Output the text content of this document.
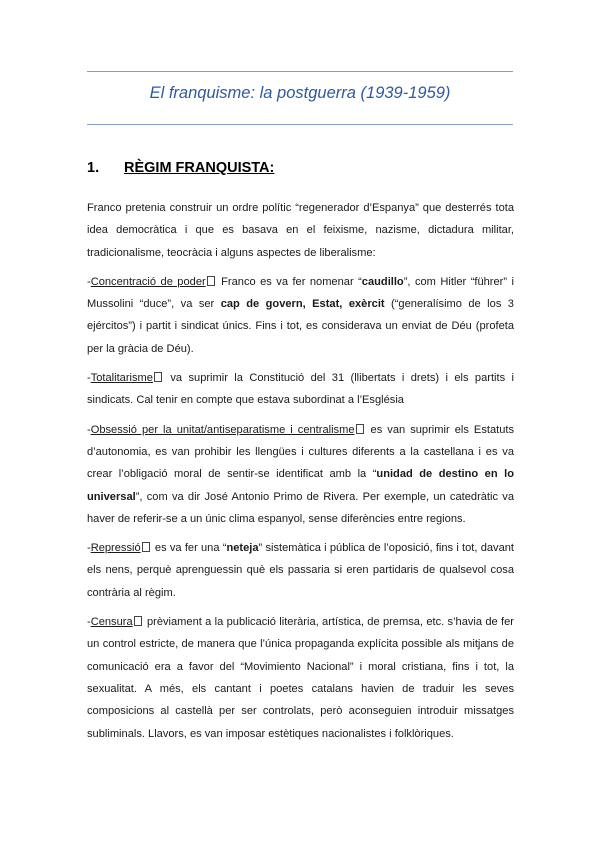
El franquisme: la postguerra (1939-1959)
1. RÈGIM FRANQUISTA:

Franco pretenia construir un ordre polític “regenerador d’Espanya” que desterrés tota idea democràtica i que es basava en el feixisme, nazisme, dictadura militar, tradicionalisme, teocràcia i alguns aspectes de liberalisme:

-Concentració de poder Franco es va fer nomenar “caudillo”, com Hitler “führer” i Mussolini “duce”, va ser cap de govern, Estat, exèrcit (“generalísimo de los 3 ejércitos”) i partit i sindicat únics. Fins i tot, es considerava un enviat de Déu (profeta per la gràcia de Déu).

-Totalitarisme va suprimir la Constitució del 31 (llibertats i drets) i els partits i sindicats. Cal tenir en compte que estava subordinat a l’Església

-Obsessió per la unitat/antiseparatisme i centralisme es van suprimir els Estatuts d’autonomia, es van prohibir les llengües i cultures diferents a la castellana i es va crear l’obligació moral de sentir-se identificat amb la “unidad de destino en lo universal”, com va dir José Antonio Primo de Rivera. Per exemple, un catedràtic va haver de referir-se a un únic clima espanyol, sense diferències entre regions.

-Repressió es va fer una “neteja” sistemàtica i pública de l’oposició, fins i tot, davant els nens, perquè aprenguessin què els passaria si eren partidaris de qualsevol cosa contrària al règim.

-Censura prèviament a la publicació literària, artística, de premsa, etc. s’havia de fer un control estricte, de manera que l’única propaganda explícita possible als mitjans de comunicació era a favor del “Movimiento Nacional” i moral cristiana, fins i tot, la sexualitat. A més, els cantant i poetes catalans havien de traduir les seves composicions al castellà per ser controlats, però aconseguien introduir missatges subliminals. Llavors, es van imposar estètiques nacionalistes i folklòriques.
